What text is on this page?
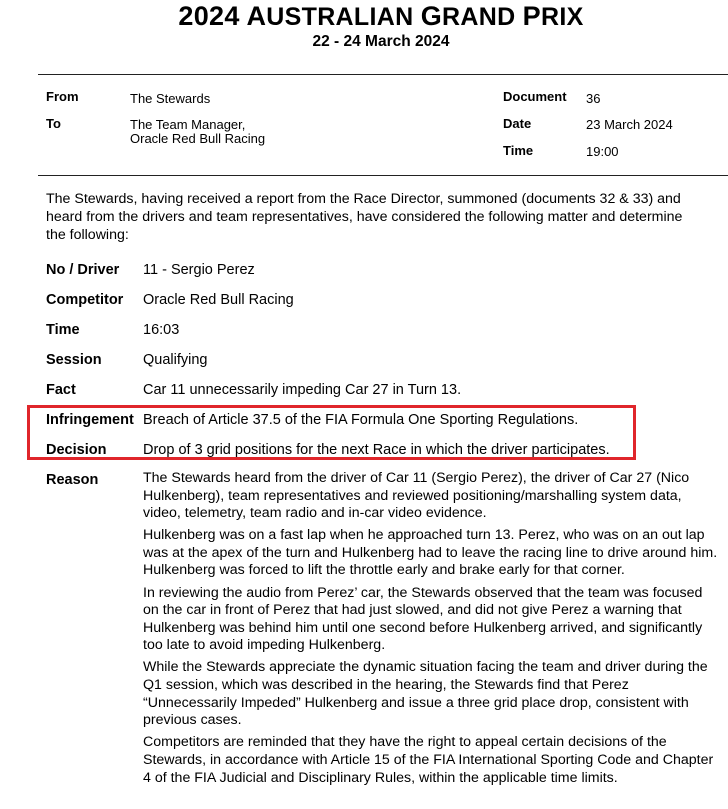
2024 AUSTRALIAN GRAND PRIX
22 - 24 March 2024
From	The Stewards
To	The Team Manager,
Oracle Red Bull Racing
Document 36
Date	23 March 2024
Time	19:00
The Stewards, having received a report from the Race Director, summoned (documents 32 & 33) and heard from the drivers and team representatives, have considered the following matter and determine the following:
No / Driver 11 - Sergio Perez
Competitor Oracle Red Bull Racing
Time	16:03
Session	Qualifying
Fact	Car 11 unnecessarily impeding Car 27 in Turn 13.
Infringement Breach of Article 37.5 of the FIA Formula One Sporting Regulations.
Decision	Drop of 3 grid positions for the next Race in which the driver participates.
Reason	The Stewards heard from the driver of Car 11 (Sergio Perez), the driver of Car 27 (Nico Hulkenberg), team representatives and reviewed positioning/marshalling system data, video, telemetry, team radio and in-car video evidence.

Hulkenberg was on a fast lap when he approached turn 13. Perez, who was on an out lap was at the apex of the turn and Hulkenberg had to leave the racing line to drive around him. Hulkenberg was forced to lift the throttle early and brake early for that corner.

In reviewing the audio from Perez’ car, the Stewards observed that the team was focused on the car in front of Perez that had just slowed, and did not give Perez a warning that Hulkenberg was behind him until one second before Hulkenberg arrived, and significantly too late to avoid impeding Hulkenberg.

While the Stewards appreciate the dynamic situation facing the team and driver during the Q1 session, which was described in the hearing, the Stewards find that Perez “Unnecessarily Impeded” Hulkenberg and issue a three grid place drop, consistent with previous cases.

Competitors are reminded that they have the right to appeal certain decisions of the Stewards, in accordance with Article 15 of the FIA International Sporting Code and Chapter 4 of the FIA Judicial and Disciplinary Rules, within the applicable time limits.
